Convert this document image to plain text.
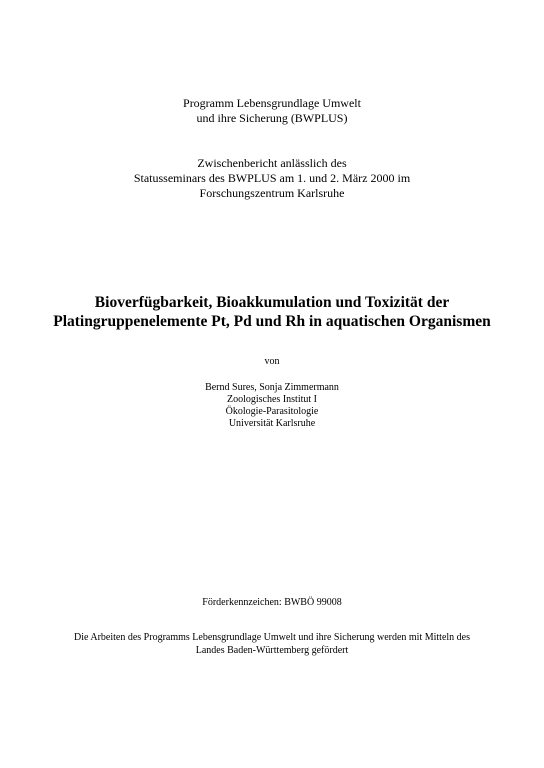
Programm Lebensgrundlage Umwelt
und ihre Sicherung (BWPLUS)
Zwischenbericht anlässlich des
Statusseminars des BWPLUS am 1. und 2. März 2000 im
Forschungszentrum Karlsruhe
Bioverfügbarkeit, Bioakkumulation und Toxizität der
Platingruppenelemente Pt, Pd und Rh in aquatischen Organismen
von
Bernd Sures, Sonja Zimmermann
Zoologisches Institut I
Ökologie-Parasitologie
Universität Karlsruhe
Förderkennzeichen: BWBÖ 99008
Die Arbeiten des Programms Lebensgrundlage Umwelt und ihre Sicherung werden mit Mitteln des
Landes Baden-Württemberg gefördert
